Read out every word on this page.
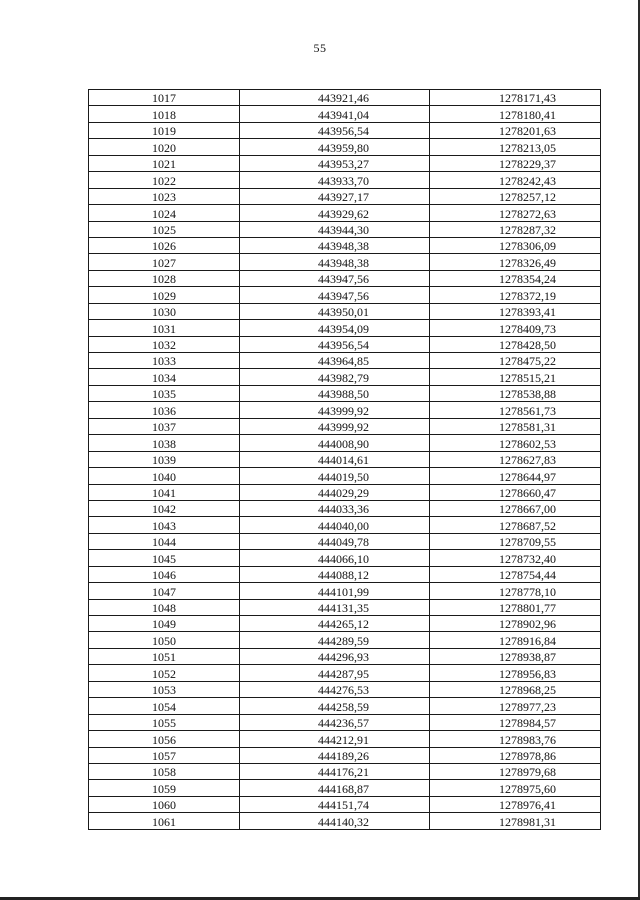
55
1017	443921,46	1278171,43
1018	443941,04	1278180,41
1019	443956,54	1278201,63
1020	443959,80	1278213,05
1021	443953,27	1278229,37
1022	443933,70	1278242,43
1023	443927,17	1278257,12
1024	443929,62	1278272,63
1025	443944,30	1278287,32
1026	443948,38	1278306,09
1027	443948,38	1278326,49
1028	443947,56	1278354,24
1029	443947,56	1278372,19
1030	443950,01	1278393,41
1031	443954,09	1278409,73
1032	443956,54	1278428,50
1033	443964,85	1278475,22
1034	443982,79	1278515,21
1035	443988,50	1278538,88
1036	443999,92	1278561,73
1037	443999,92	1278581,31
1038	444008,90	1278602,53
1039	444014,61	1278627,83
1040	444019,50	1278644,97
1041	444029,29	1278660,47
1042	444033,36	1278667,00
1043	444040,00	1278687,52
1044	444049,78	1278709,55
1045	444066,10	1278732,40
1046	444088,12	1278754,44
1047	444101,99	1278778,10
1048	444131,35	1278801,77
1049	444265,12	1278902,96
1050	444289,59	1278916,84
1051	444296,93	1278938,87
1052	444287,95	1278956,83
1053	444276,53	1278968,25
1054	444258,59	1278977,23
1055	444236,57	1278984,57
1056	444212,91	1278983,76
1057	444189,26	1278978,86
1058	444176,21	1278979,68
1059	444168,87	1278975,60
1060	444151,74	1278976,41
1061	444140,32	1278981,31
